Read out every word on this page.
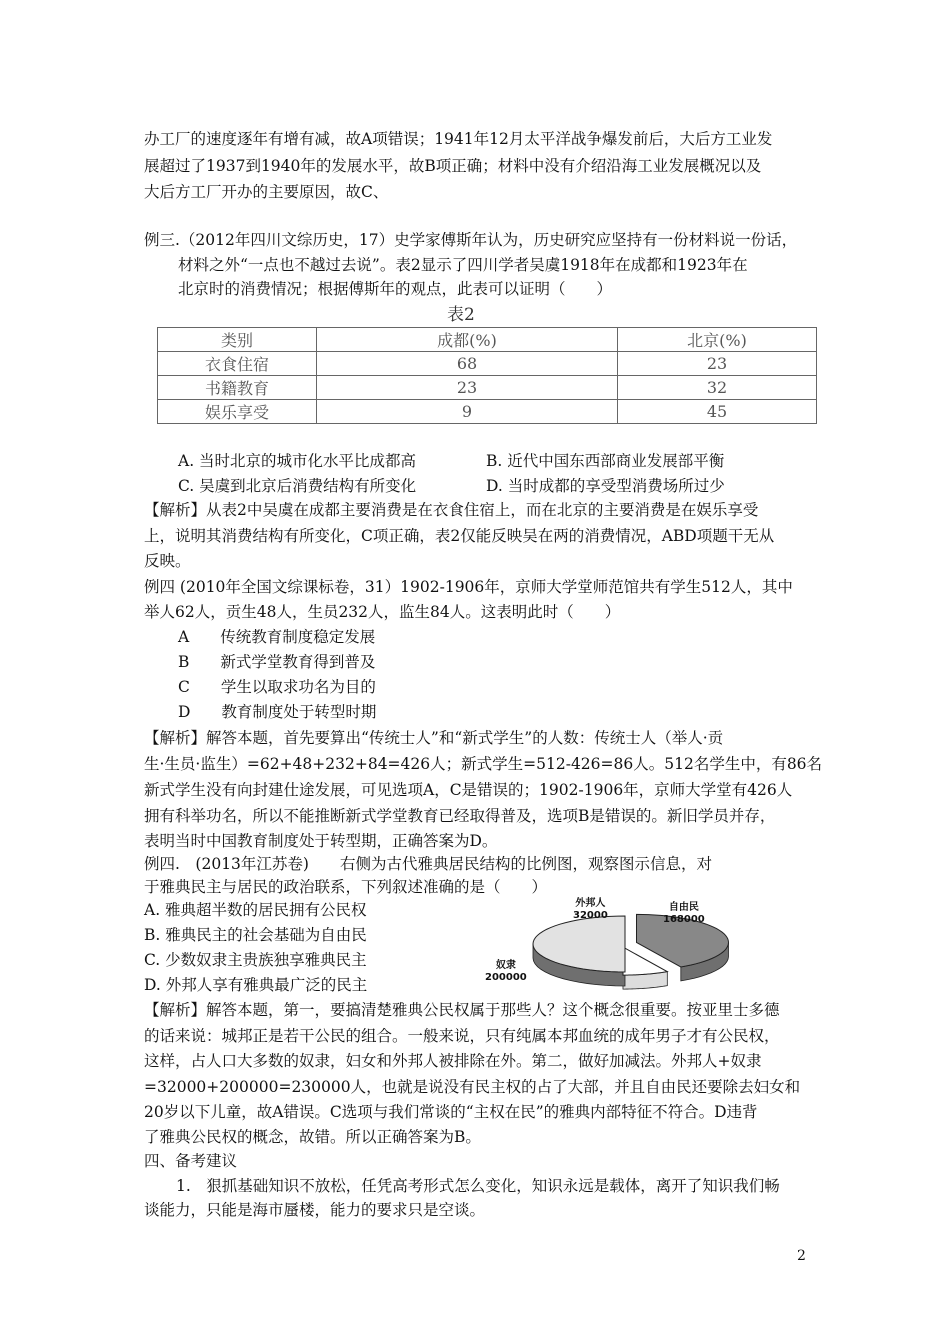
办工厂的速度逐年有增有减，故A项错误；1941年12月太平洋战争爆发前后，大后方工业发
展超过了1937到1940年的发展水平，故B项正确；材料中没有介绍沿海工业发展概况以及
大后方工厂开办的主要原因，故C、
例三.（2012年四川文综历史，17）史学家傅斯年认为，历史研究应坚持有一份材料说一份话，
材料之外“一点也不越过去说”。表2显示了四川学者吴虞1918年在成都和1923年在
北京时的消费情况；根据傅斯年的观点，此表可以证明（　　）
表2
类别	成都(%)	北京(%)
衣食住宿	68	23
书籍教育	23	32
娱乐享受	9	45
A. 当时北京的城市化水平比成都高	B. 近代中国东西部商业发展部平衡
C. 吴虞到北京后消费结构有所变化	D. 当时成都的享受型消费场所过少
【解析】从表2中吴虞在成都主要消费是在衣食住宿上，而在北京的主要消费是在娱乐享受
上，说明其消费结构有所变化，C项正确，表2仅能反映吴在两的消费情况，ABD项题干无从
反映。
例四 (2010年全国文综课标卷，31）1902-1906年，京师大学堂师范馆共有学生512人，其中
举人62人，贡生48人，生员232人，监生84人。这表明此时（　　）
A　　传统教育制度稳定发展
B　　新式学堂教育得到普及
C　　学生以取求功名为目的
D　　教育制度处于转型时期
【解析】解答本题，首先要算出“传统士人”和“新式学生”的人数：传统士人（举人·贡
生·生员·监生）=62+48+232+84=426人；新式学生=512-426=86人。512名学生中，有86名
新式学生没有向封建仕途发展，可见选项A，C是错误的；1902-1906年，京师大学堂有426人
拥有科举功名，所以不能推断新式学堂教育已经取得普及，选项B是错误的。新旧学员并存，
表明当时中国教育制度处于转型期，正确答案为D。
例四.　(2013年江苏卷)　　右侧为古代雅典居民结构的比例图，观察图示信息，对
于雅典民主与居民的政治联系，下列叙述准确的是（　　）
A. 雅典超半数的居民拥有公民权
B. 雅典民主的社会基础为自由民
C. 少数奴隶主贵族独享雅典民主
D. 外邦人享有雅典最广泛的民主
外邦人
32000
自由民
168000
奴隶
200000
【解析】解答本题，第一，要搞清楚雅典公民权属于那些人？这个概念很重要。按亚里士多德
的话来说：城邦正是若干公民的组合。一般来说，只有纯属本邦血统的成年男子才有公民权，
这样，占人口大多数的奴隶，妇女和外邦人被排除在外。第二，做好加减法。外邦人+奴隶
=32000+200000=230000人，也就是说没有民主权的占了大部，并且自由民还要除去妇女和
20岁以下儿童，故A错误。C选项与我们常谈的“主权在民”的雅典内部特征不符合。D违背
了雅典公民权的概念，故错。所以正确答案为B。
四、备考建议
1.　狠抓基础知识不放松，任凭高考形式怎么变化，知识永远是载体，离开了知识我们畅
谈能力，只能是海市蜃楼，能力的要求只是空谈。
2
